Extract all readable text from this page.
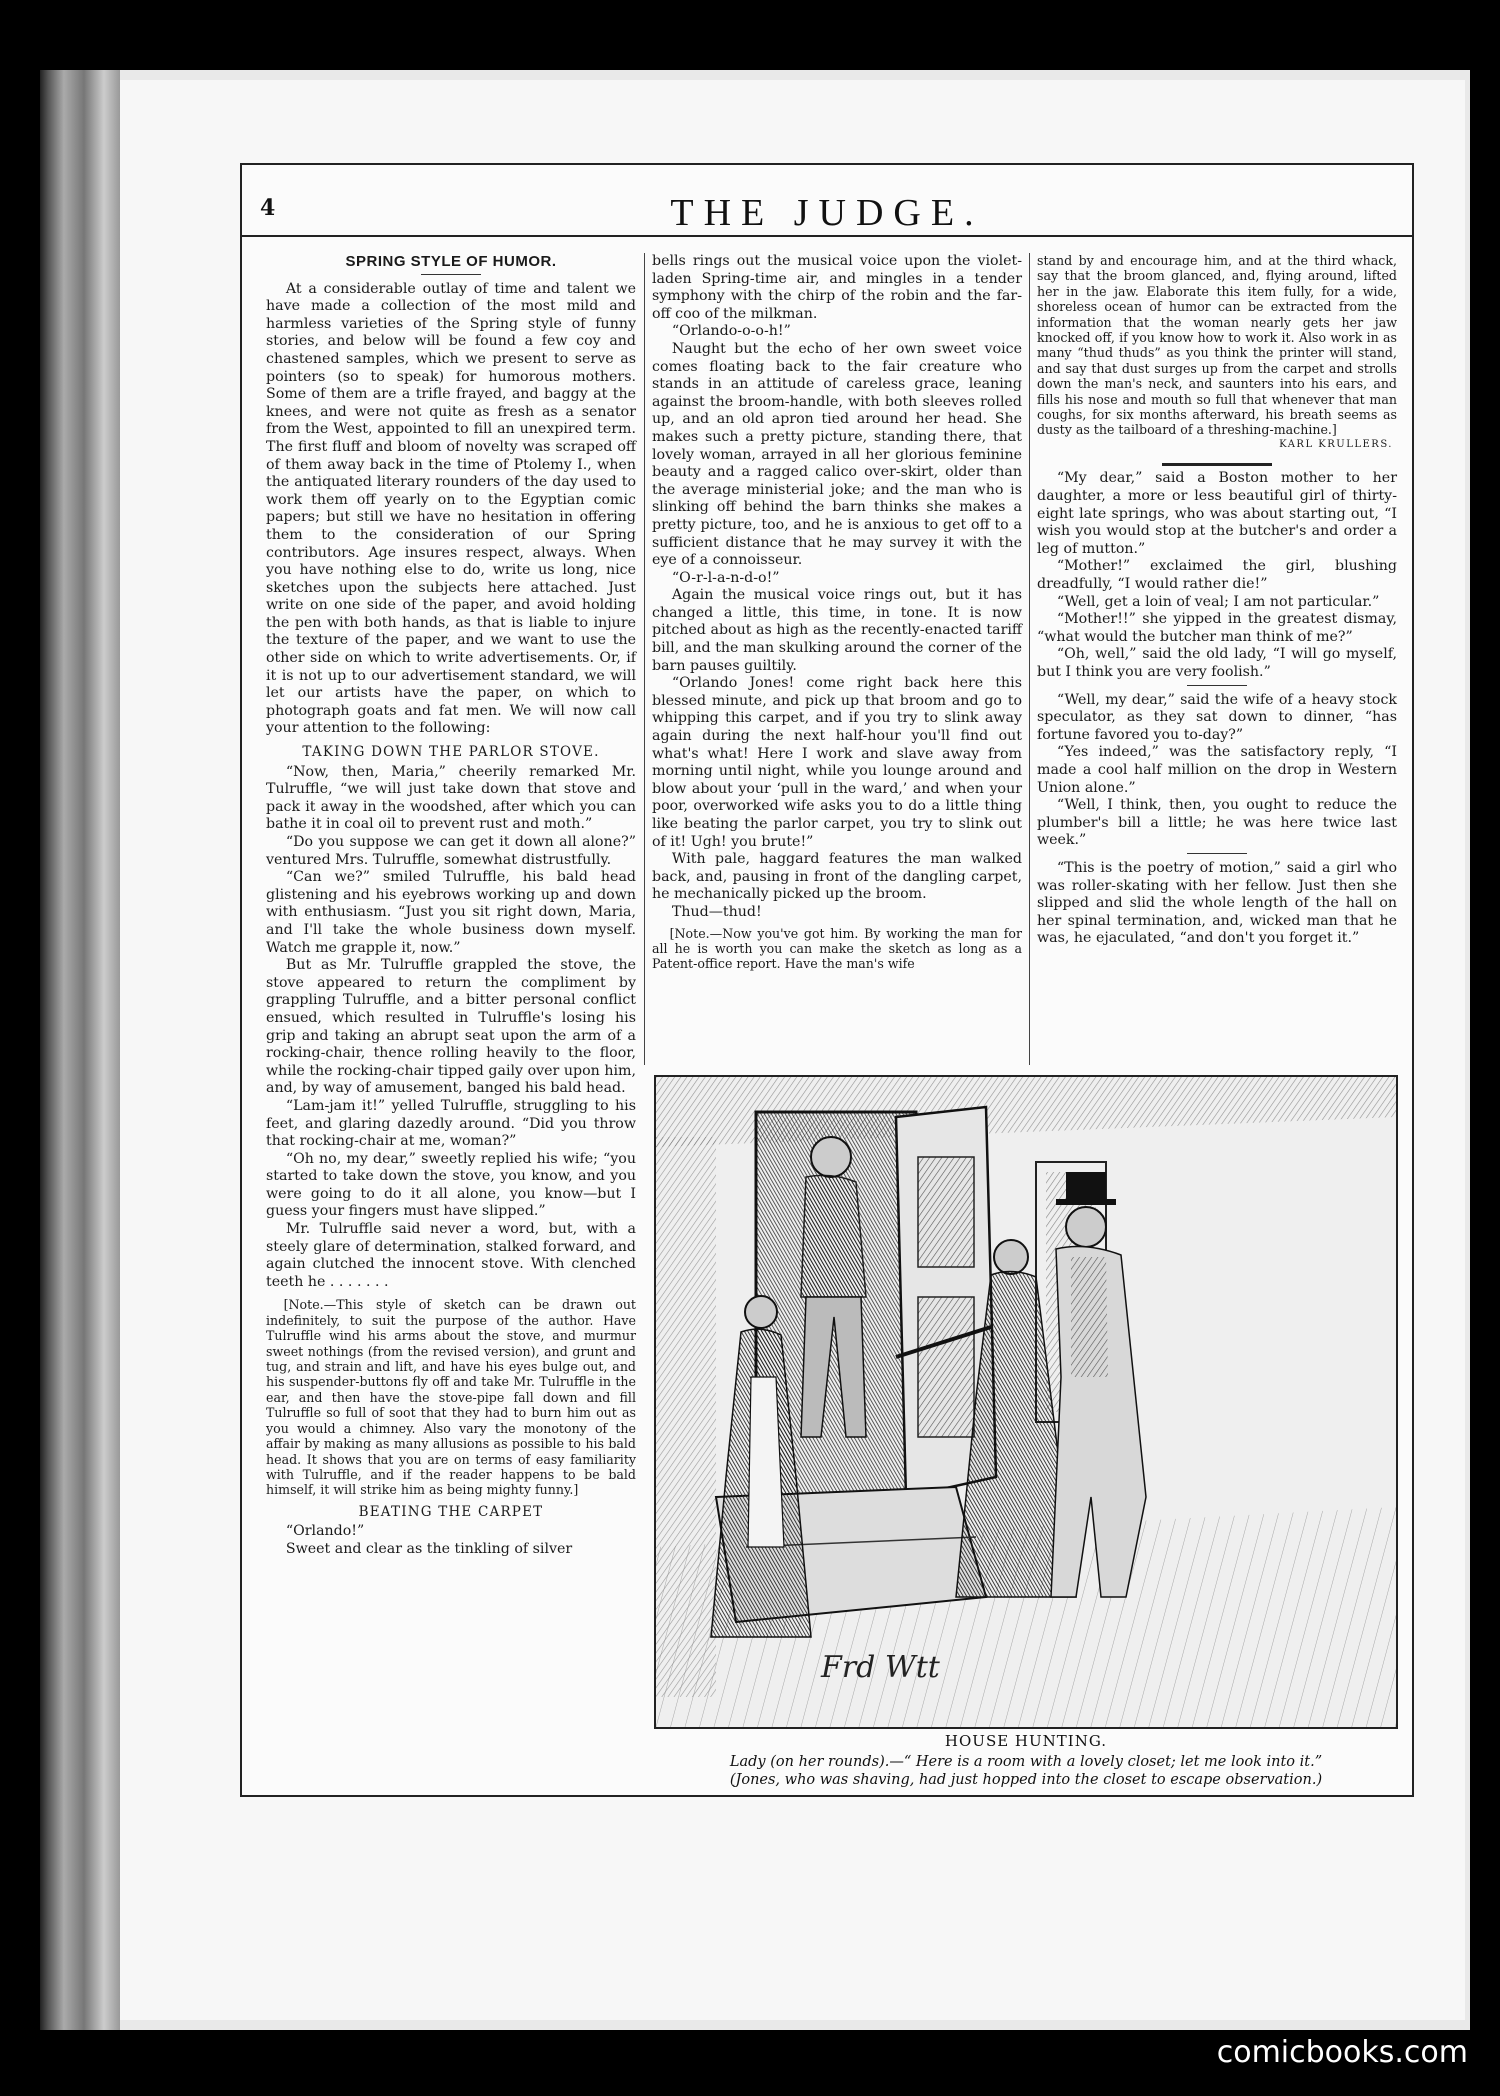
4	THE JUDGE.
SPRING STYLE OF HUMOR.

At a considerable outlay of time and talent we have made a collection of the most mild and harmless varieties of the Spring style of funny stories, and below will be found a few coy and chastened samples, which we present to serve as pointers (so to speak) for humorous mothers. Some of them are a trifle frayed, and baggy at the knees, and were not quite as fresh as a senator from the West, appointed to fill an unexpired term. The first fluff and bloom of novelty was scraped off of them away back in the time of Ptolemy I., when the antiquated literary rounders of the day used to work them off yearly on to the Egyptian comic papers; but still we have no hesitation in offering them to the consideration of our Spring contributors. Age insures respect, always. When you have nothing else to do, write us long, nice sketches upon the subjects here attached. Just write on one side of the paper, and avoid holding the pen with both hands, as that is liable to injure the texture of the paper, and we want to use the other side on which to write advertisements. Or, if it is not up to our advertisement standard, we will let our artists have the paper, on which to photograph goats and fat men. We will now call your attention to the following:

TAKING DOWN THE PARLOR STOVE.

“Now, then, Maria,” cheerily remarked Mr. Tulruffle, “we will just take down that stove and pack it away in the woodshed, after which you can bathe it in coal oil to prevent rust and moth.”

“Do you suppose we can get it down all alone?” ventured Mrs. Tulruffle, somewhat distrustfully.

“Can we?” smiled Tulruffle, his bald head glistening and his eyebrows working up and down with enthusiasm. “Just you sit right down, Maria, and I'll take the whole business down myself. Watch me grapple it, now.”

But as Mr. Tulruffle grappled the stove, the stove appeared to return the compliment by grappling Tulruffle, and a bitter personal conflict ensued, which resulted in Tulruffle's losing his grip and taking an abrupt seat upon the arm of a rocking-chair, thence rolling heavily to the floor, while the rocking-chair tipped gaily over upon him, and, by way of amusement, banged his bald head.

“Lam-jam it!” yelled Tulruffle, struggling to his feet, and glaring dazedly around. “Did you throw that rocking-chair at me, woman?”

“Oh no, my dear,” sweetly replied his wife; “you started to take down the stove, you know, and you were going to do it all alone, you know—but I guess your fingers must have slipped.”

Mr. Tulruffle said never a word, but, with a steely glare of determination, stalked forward, and again clutched the innocent stove. With clenched teeth he . . . . . . .

[Note.—This style of sketch can be drawn out indefinitely, to suit the purpose of the author. Have Tulruffle wind his arms about the stove, and murmur sweet nothings (from the revised version), and grunt and tug, and strain and lift, and have his eyes bulge out, and his suspender-buttons fly off and take Mr. Tulruffle in the ear, and then have the stove-pipe fall down and fill Tulruffle so full of soot that they had to burn him out as you would a chimney. Also vary the monotony of the affair by making as many allusions as possible to his bald head. It shows that you are on terms of easy familiarity with Tulruffle, and if the reader happens to be bald himself, it will strike him as being mighty funny.]

BEATING THE CARPET

“Orlando!”

Sweet and clear as the tinkling of silver

bells rings out the musical voice upon the violet-laden Spring-time air, and mingles in a tender symphony with the chirp of the robin and the far-off coo of the milkman.

“Orlando-o-o-h!”

Naught but the echo of her own sweet voice comes floating back to the fair creature who stands in an attitude of careless grace, leaning against the broom-handle, with both sleeves rolled up, and an old apron tied around her head. She makes such a pretty picture, standing there, that lovely woman, arrayed in all her glorious feminine beauty and a ragged calico over-skirt, older than the average ministerial joke; and the man who is slinking off behind the barn thinks she makes a pretty picture, too, and he is anxious to get off to a sufficient distance that he may survey it with the eye of a connoisseur.

“O-r-l-a-n-d-o!”

Again the musical voice rings out, but it has changed a little, this time, in tone. It is now pitched about as high as the recently-enacted tariff bill, and the man skulking around the corner of the barn pauses guiltily.

“Orlando Jones! come right back here this blessed minute, and pick up that broom and go to whipping this carpet, and if you try to slink away again during the next half-hour you'll find out what's what! Here I work and slave away from morning until night, while you lounge around and blow about your ‘pull in the ward,’ and when your poor, overworked wife asks you to do a little thing like beating the parlor carpet, you try to slink out of it! Ugh! you brute!”

With pale, haggard features the man walked back, and, pausing in front of the dangling carpet, he mechanically picked up the broom.

Thud—thud!

[Note.—Now you've got him. By working the man for all he is worth you can make the sketch as long as a Patent-office report. Have the man's wife

stand by and encourage him, and at the third whack, say that the broom glanced, and, flying around, lifted her in the jaw. Elaborate this item fully, for a wide, shoreless ocean of humor can be extracted from the information that the woman nearly gets her jaw knocked off, if you know how to work it. Also work in as many “thud thuds” as you think the printer will stand, and say that dust surges up from the carpet and strolls down the man's neck, and saunters into his ears, and fills his nose and mouth so full that whenever that man coughs, for six months afterward, his breath seems as dusty as the tailboard of a threshing-machine.]

KARL KRULLERS.

“My dear,” said a Boston mother to her daughter, a more or less beautiful girl of thirty-eight late springs, who was about starting out, “I wish you would stop at the butcher's and order a leg of mutton.”

“Mother!” exclaimed the girl, blushing dreadfully, “I would rather die!”

“Well, get a loin of veal; I am not particular.”

“Mother!!” she yipped in the greatest dismay, “what would the butcher man think of me?”

“Oh, well,” said the old lady, “I will go myself, but I think you are very foolish.”

“Well, my dear,” said the wife of a heavy stock speculator, as they sat down to dinner, “has fortune favored you to-day?”

“Yes indeed,” was the satisfactory reply, “I made a cool half million on the drop in Western Union alone.”

“Well, I think, then, you ought to reduce the plumber's bill a little; he was here twice last week.”

“This is the poetry of motion,” said a girl who was roller-skating with her fellow. Just then she slipped and slid the whole length of the hall on her spinal termination, and, wicked man that he was, he ejaculated, “and don't you forget it.”

Frd Wtt
HOUSE HUNTING.
Lady (on her rounds).—“ Here is a room with a lovely closet; let me look into it.”
(Jones, who was shaving, had just hopped into the closet to escape observation.)
comicbooks.com
